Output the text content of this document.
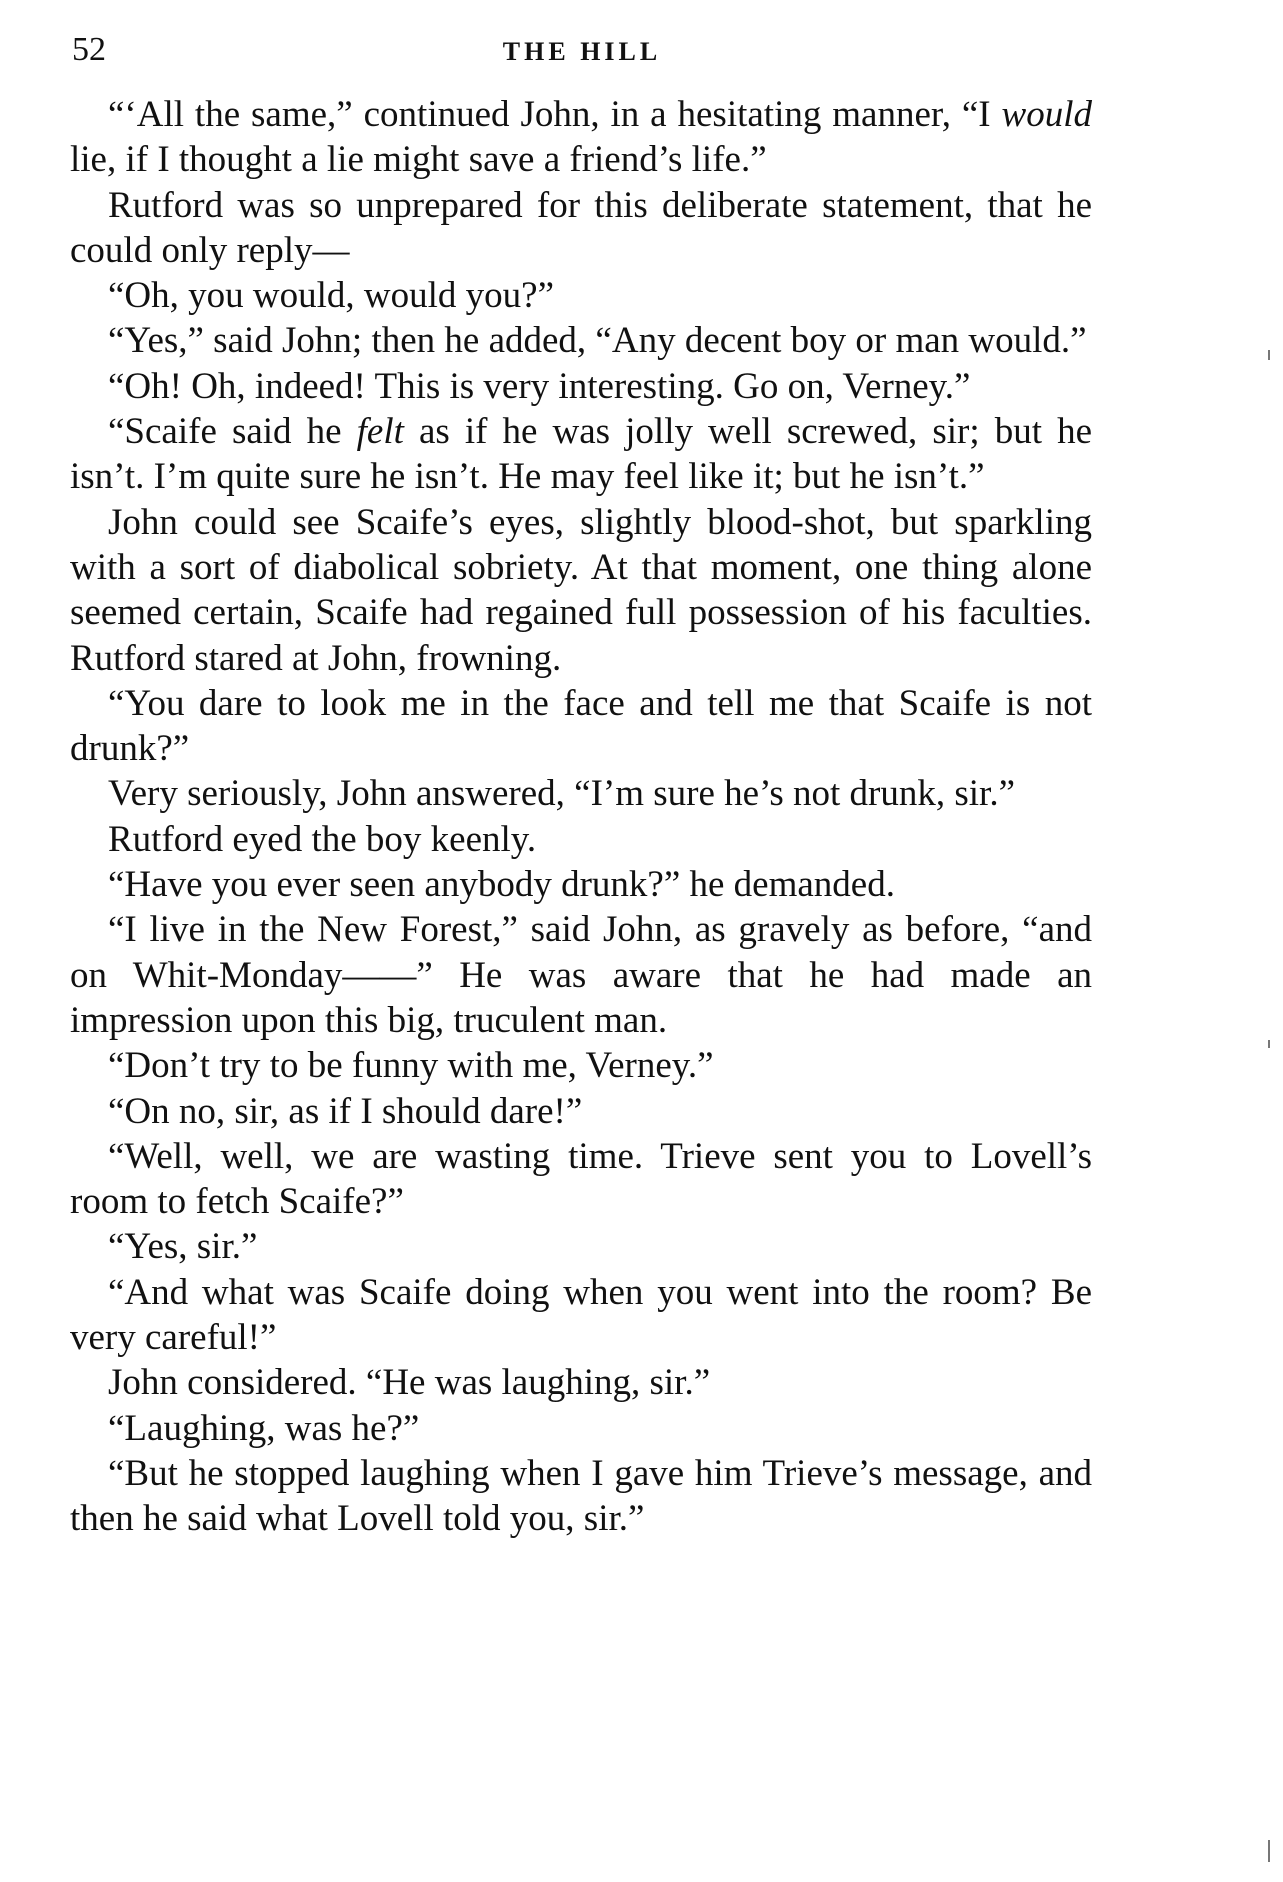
52	THE HILL

“‘All the same,” continued John, in a hesitating manner, “I would lie, if I thought a lie might save a friend’s life.”

Rutford was so unprepared for this deliberate statement, that he could only reply—

“Oh, you would, would you?”

“Yes,” said John; then he added, “Any decent boy or man would.”

“Oh! Oh, indeed! This is very interesting. Go on, Verney.”

“Scaife said he felt as if he was jolly well screwed, sir; but he isn’t. I’m quite sure he isn’t. He may feel like it; but he isn’t.”

John could see Scaife’s eyes, slightly blood-shot, but sparkling with a sort of diabolical sobriety. At that moment, one thing alone seemed certain, Scaife had regained full possession of his faculties. Rutford stared at John, frowning.

“You dare to look me in the face and tell me that Scaife is not drunk?”

Very seriously, John answered, “I’m sure he’s not drunk, sir.”

Rutford eyed the boy keenly.

“Have you ever seen anybody drunk?” he demanded.

“I live in the New Forest,” said John, as gravely as before, “and on Whit-Monday——” He was aware that he had made an impression upon this big, truculent man.

“Don’t try to be funny with me, Verney.”

“On no, sir, as if I should dare!”

“Well, well, we are wasting time. Trieve sent you to Lovell’s room to fetch Scaife?”

“Yes, sir.”

“And what was Scaife doing when you went into the room? Be very careful!”

John considered. “He was laughing, sir.”

“Laughing, was he?”

“But he stopped laughing when I gave him Trieve’s message, and then he said what Lovell told you, sir.”
